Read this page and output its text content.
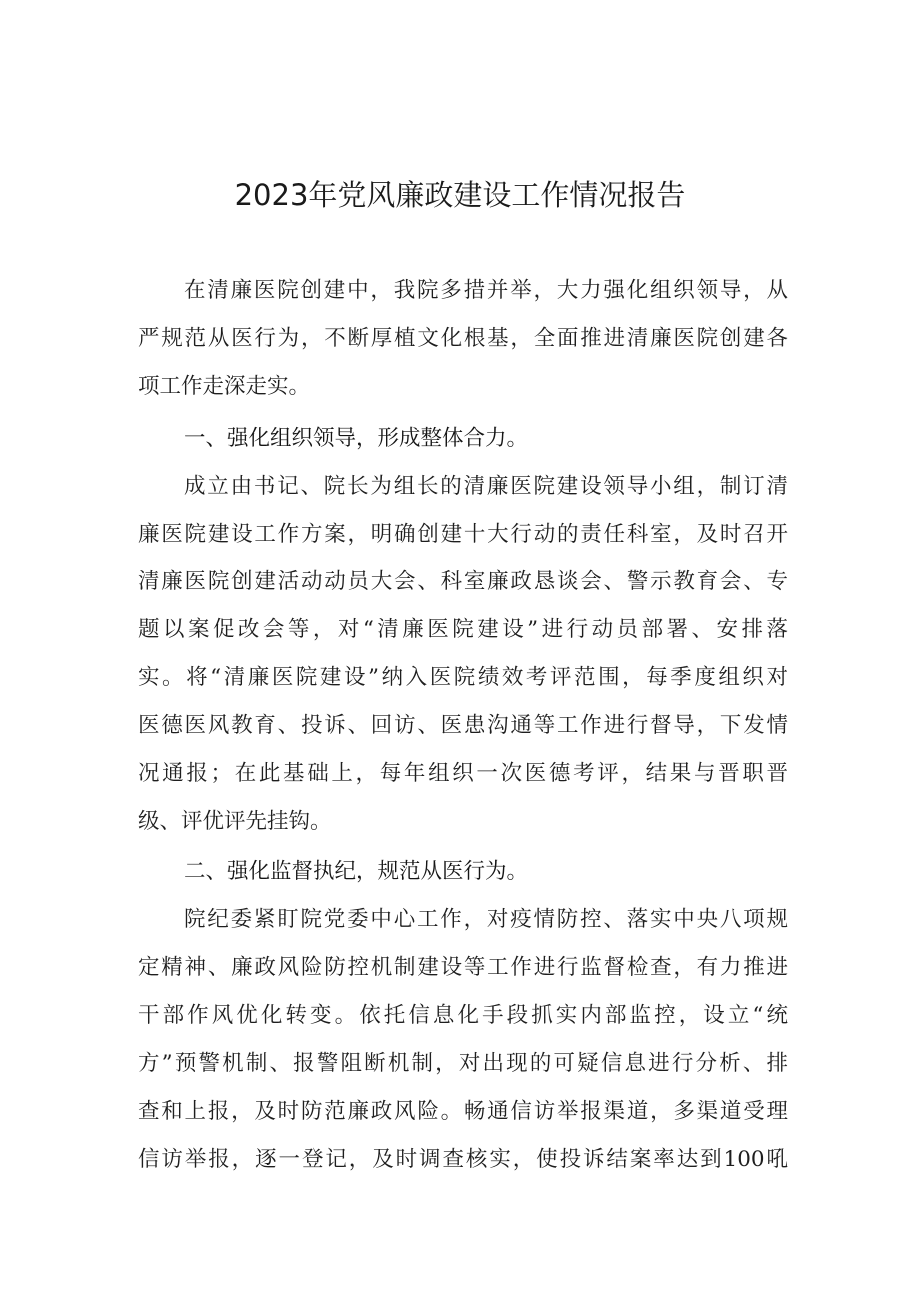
2023年党风廉政建设工作情况报告
在清廉医院创建中，我院多措并举，大力强化组织领导，从
严规范从医行为，不断厚植文化根基，全面推进清廉医院创建各
项工作走深走实。
一、强化组织领导，形成整体合力。
成立由书记、院长为组长的清廉医院建设领导小组，制订清
廉医院建设工作方案，明确创建十大行动的责任科室，及时召开
清廉医院创建活动动员大会、科室廉政恳谈会、警示教育会、专
题以案促改会等，对“清廉医院建设”进行动员部署、安排落
实。将“清廉医院建设”纳入医院绩效考评范围，每季度组织对
医德医风教育、投诉、回访、医患沟通等工作进行督导，下发情
况通报；在此基础上，每年组织一次医德考评，结果与晋职晋
级、评优评先挂钩。
二、强化监督执纪，规范从医行为。
院纪委紧盯院党委中心工作，对疫情防控、落实中央八项规
定精神、廉政风险防控机制建设等工作进行监督检查，有力推进
干部作风优化转变。依托信息化手段抓实内部监控，设立“统
方”预警机制、报警阻断机制，对出现的可疑信息进行分析、排
查和上报，及时防范廉政风险。畅通信访举报渠道，多渠道受理
信访举报，逐一登记，及时调查核实，使投诉结案率达到100吼
